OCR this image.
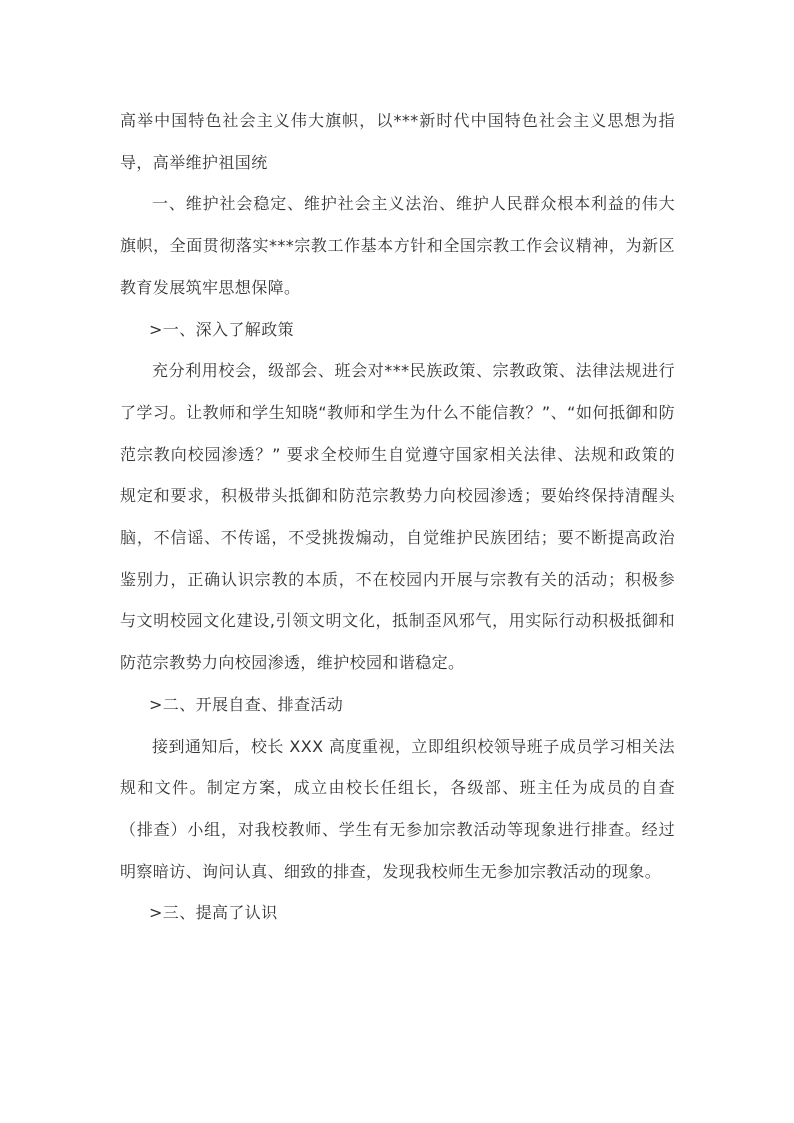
高举中国特色社会主义伟大旗帜，以***新时代中国特色社会主义思想为指导，高举维护祖国统

一、维护社会稳定、维护社会主义法治、维护人民群众根本利益的伟大旗帜，全面贯彻落实***宗教工作基本方针和全国宗教工作会议精神，为新区教育发展筑牢思想保障。

>一、深入了解政策

充分利用校会，级部会、班会对***民族政策、宗教政策、法律法规进行了学习。让教师和学生知晓“教师和学生为什么不能信教？”、“如何抵御和防范宗教向校园渗透？” 要求全校师生自觉遵守国家相关法律、法规和政策的规定和要求，积极带头抵御和防范宗教势力向校园渗透；要始终保持清醒头脑，不信谣、不传谣，不受挑拨煽动，自觉维护民族团结；要不断提高政治鉴别力，正确认识宗教的本质，不在校园内开展与宗教有关的活动；积极参与文明校园文化建设,引领文明文化，抵制歪风邪气，用实际行动积极抵御和防范宗教势力向校园渗透，维护校园和谐稳定。

>二、开展自查、排查活动

接到通知后，校长 XXX 高度重视，立即组织校领导班子成员学习相关法规和文件。制定方案，成立由校长任组长，各级部、班主任为成员的自查（排查）小组，对我校教师、学生有无参加宗教活动等现象进行排查。经过明察暗访、询问认真、细致的排查，发现我校师生无参加宗教活动的现象。

>三、提高了认识
